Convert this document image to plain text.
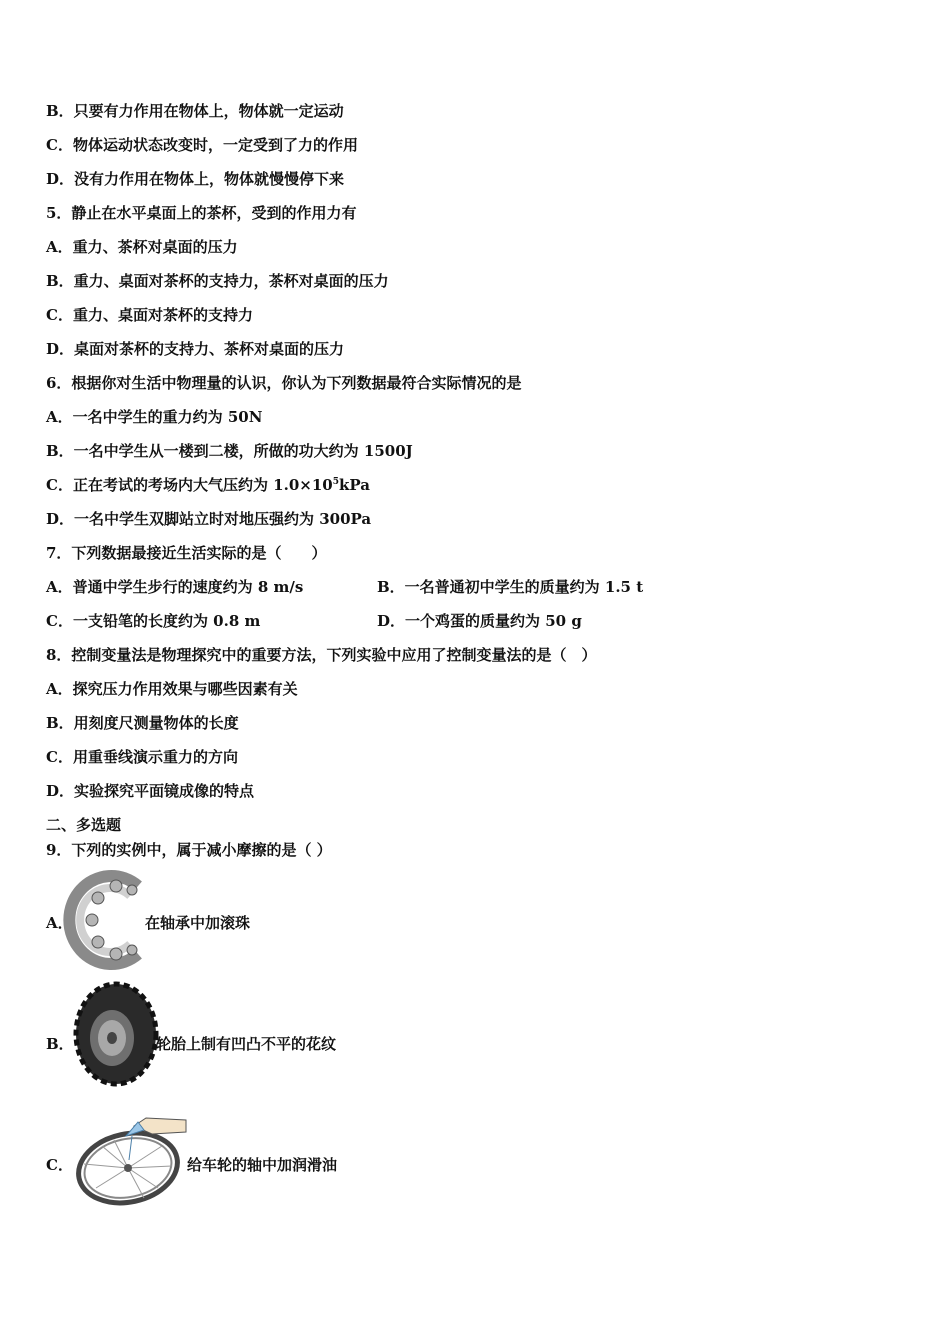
B．只要有力作用在物体上，物体就一定运动
C．物体运动状态改变时，一定受到了力的作用
D．没有力作用在物体上，物体就慢慢停下来
5．静止在水平桌面上的茶杯，受到的作用力有
A．重力、茶杯对桌面的压力
B．重力、桌面对茶杯的支持力，茶杯对桌面的压力
C．重力、桌面对茶杯的支持力
D．桌面对茶杯的支持力、茶杯对桌面的压力
6．根据你对生活中物理量的认识，你认为下列数据最符合实际情况的是
A．一名中学生的重力约为 50N
B．一名中学生从一楼到二楼，所做的功大约为 1500J
C．正在考试的考场内大气压约为 $1.0\times 10^5kPa$
D．一名中学生双脚站立时对地压强约为 300Pa
7．下列数据最接近生活实际的是（　　）
A．普通中学生步行的速度约为 8 m/s	B．一名普通初中学生的质量约为 1.5 t
C．一支铅笔的长度约为 0.8 m	D．一个鸡蛋的质量约为 50 g
8．控制变量法是物理探究中的重要方法，下列实验中应用了控制变量法的是（　）
A．探究压力作用效果与哪些因素有关
B．用刻度尺测量物体的长度
C．用重垂线演示重力的方向
D．实验探究平面镜成像的特点
二、多选题
9．下列的实例中，属于减小摩擦的是（ ）
A．	在轴承中加滚珠
B．	轮胎上制有凹凸不平的花纹
C．	给车轮的轴中加润滑油
